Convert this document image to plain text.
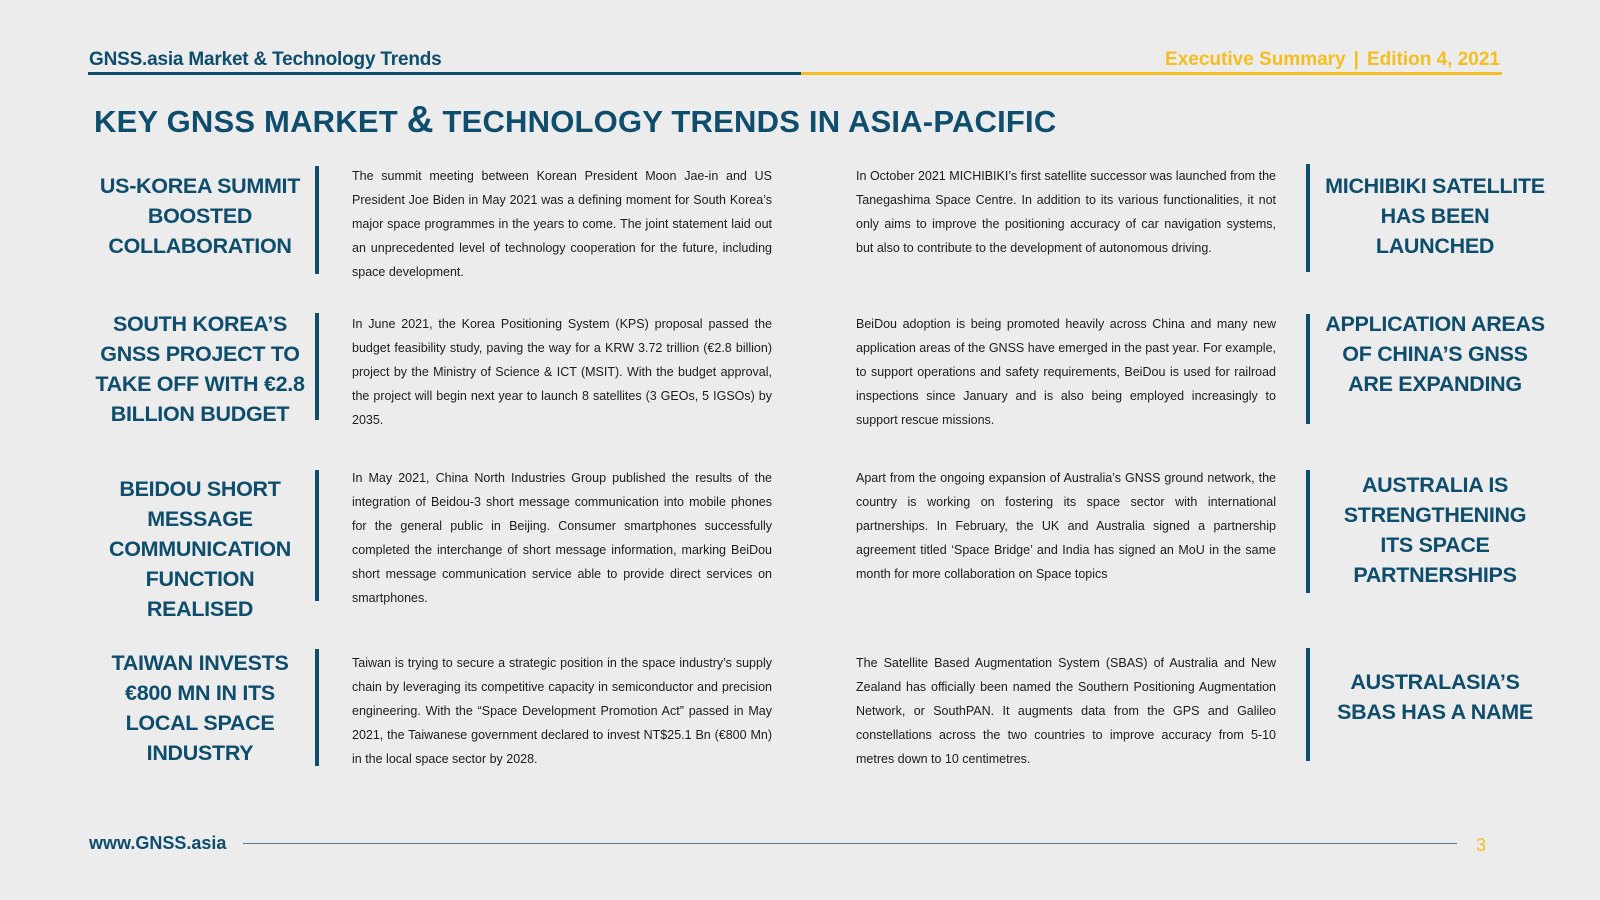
GNSS.asia Market & Technology Trends	Executive Summary | Edition 4, 2021
KEY GNSS MARKET & TECHNOLOGY TRENDS IN ASIA-PACIFIC
US-KOREA SUMMIT BOOSTED COLLABORATION

The summit meeting between Korean President Moon Jae-in and US President Joe Biden in May 2021 was a defining moment for South Korea’s major space programmes in the years to come. The joint statement laid out an unprecedented level of technology cooperation for the future, including space development.

SOUTH KOREA’S GNSS PROJECT TO TAKE OFF WITH €2.8 BILLION BUDGET

In June 2021, the Korea Positioning System (KPS) proposal passed the budget feasibility study, paving the way for a KRW 3.72 trillion (€2.8 billion) project by the Ministry of Science & ICT (MSIT). With the budget approval, the project will begin next year to launch 8 satellites (3 GEOs, 5 IGSOs) by 2035.

BEIDOU SHORT MESSAGE COMMUNICATION FUNCTION REALISED

In May 2021, China North Industries Group published the results of the integration of Beidou-3 short message communication into mobile phones for the general public in Beijing. Consumer smartphones successfully completed the interchange of short message information, marking BeiDou short message communication service able to provide direct services on smartphones.

TAIWAN INVESTS €800 MN IN ITS LOCAL SPACE INDUSTRY

Taiwan is trying to secure a strategic position in the space industry’s supply chain by leveraging its competitive capacity in semiconductor and precision engineering. With the “Space Development Promotion Act” passed in May 2021, the Taiwanese government declared to invest NT$25.1 Bn (€800 Mn) in the local space sector by 2028.

In October 2021 MICHIBIKI’s first satellite successor was launched from the Tanegashima Space Centre. In addition to its various functionalities, it not only aims to improve the positioning accuracy of car navigation systems, but also to contribute to the development of autonomous driving.

MICHIBIKI SATELLITE HAS BEEN LAUNCHED

BeiDou adoption is being promoted heavily across China and many new application areas of the GNSS have emerged in the past year. For example, to support operations and safety requirements, BeiDou is used for railroad inspections since January and is also being employed increasingly to support rescue missions.

APPLICATION AREAS OF CHINA’S GNSS ARE EXPANDING

Apart from the ongoing expansion of Australia’s GNSS ground network, the country is working on fostering its space sector with international partnerships. In February, the UK and Australia signed a partnership agreement titled ‘Space Bridge’ and India has signed an MoU in the same month for more collaboration on Space topics

AUSTRALIA IS STRENGTHENING ITS SPACE PARTNERSHIPS

The Satellite Based Augmentation System (SBAS) of Australia and New Zealand has officially been named the Southern Positioning Augmentation Network, or SouthPAN. It augments data from the GPS and Galileo constellations across the two countries to improve accuracy from 5-10 metres down to 10 centimetres.

AUSTRALASIA’S SBAS HAS A NAME
www.GNSS.asia	3
